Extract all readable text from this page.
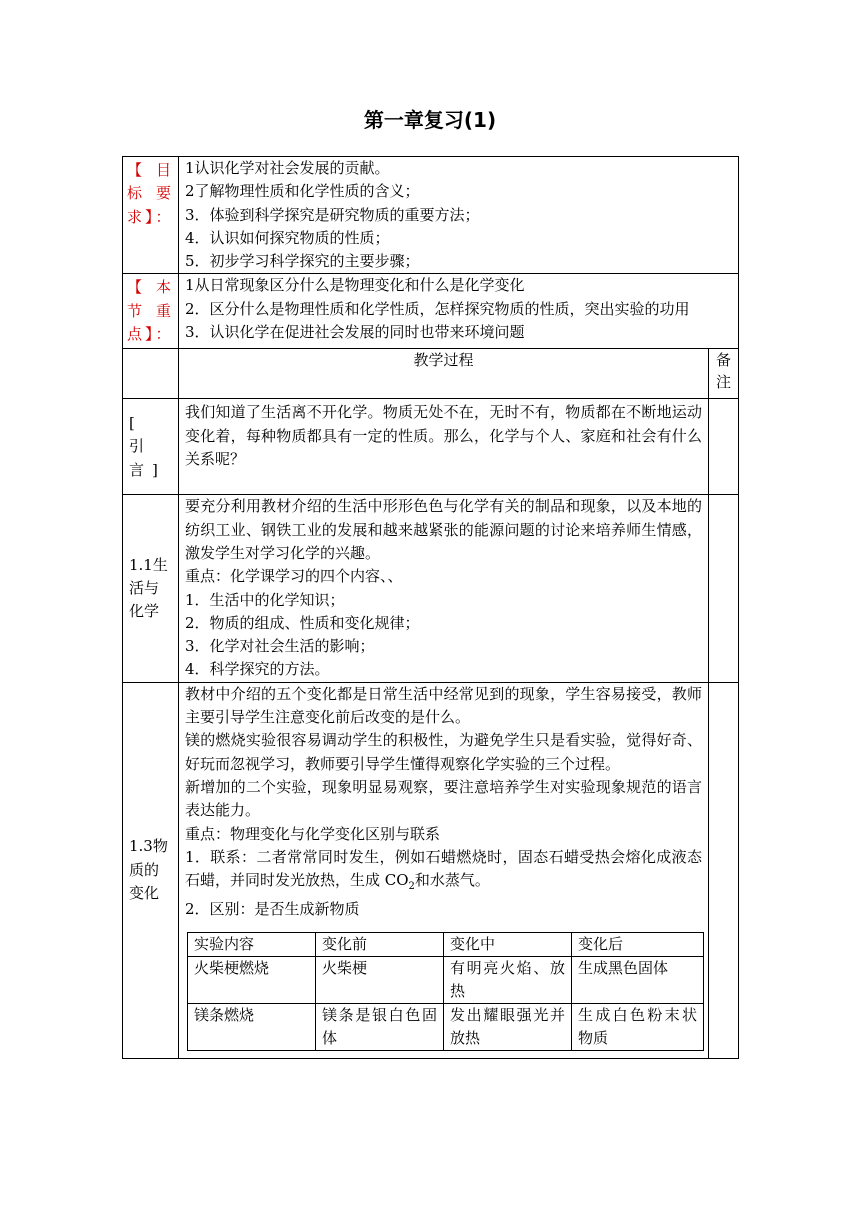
第一章复习(1)
【 目 标 要 求】：	
1认识化学对社会发展的贡献。
2了解物理性质和化学性质的含义；
3．体验到科学探究是研究物质的重要方法；
4．认识如何探究物质的性质；
5．初步学习科学探究的主要步骤；

【 本 节 重 点】：	
1从日常现象区分什么是物理变化和什么是化学变化
2．区分什么是物理性质和化学性质，怎样探究物质的性质，突出实验的功用
3．认识化学在促进社会发展的同时也带来环境问题

	教学过程	备注
[ 引言]	我们知道了生活离不开化学。物质无处不在，无时不有，物质都在不断地运动变化着，每种物质都具有一定的性质。那么，化学与个人、家庭和社会有什么关系呢？	
1.1生活与化学	
要充分利用教材介绍的生活中形形色色与化学有关的制品和现象，以及本地的纺织工业、钢铁工业的发展和越来越紧张的能源问题的讨论来培养师生情感，激发学生对学习化学的兴趣。
重点：化学课学习的四个内容、、
1．生活中的化学知识；
2．物质的组成、性质和变化规律；
3．化学对社会生活的影响；
4．科学探究的方法。

1.3物质的变化	
教材中介绍的五个变化都是日常生活中经常见到的现象，学生容易接受，教师主要引导学生注意变化前后改变的是什么。
镁的燃烧实验很容易调动学生的积极性，为避免学生只是看实验，觉得好奇、好玩而忽视学习，教师要引导学生懂得观察化学实验的三个过程。
新增加的二个实验，现象明显易观察，要注意培养学生对实验现象规范的语言表达能力。
重点：物理变化与化学变化区别与联系
1．联系：二者常常同时发生，例如石蜡燃烧时，固态石蜡受热会熔化成液态石蜡，并同时发光放热，生成 $CO_2$和水蒸气。
2．区别：是否生成新物质
实验内容	变化前	变化中	变化后
火柴梗燃烧	火柴梗	有明亮火焰、放热	生成黑色固体
镁条燃烧	镁条是银白色固体	发出耀眼强光并放热	生成白色粉末状物质
